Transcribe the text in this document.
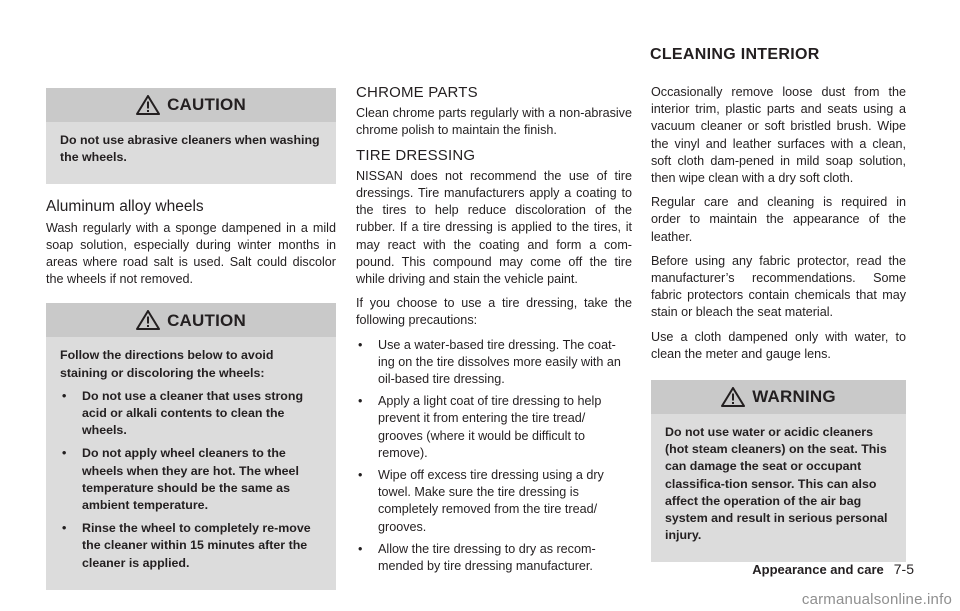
CLEANING INTERIOR
CAUTION

Do not use abrasive cleaners when washing the wheels.

Aluminum alloy wheels

Wash regularly with a sponge dampened in a mild soap solution, especially during winter months in areas where road salt is used. Salt could discolor the wheels if not removed.

CAUTION

Follow the directions below to avoid staining or discoloring the wheels:

• Do not use a cleaner that uses strong acid or alkali contents to clean the wheels.
• Do not apply wheel cleaners to the wheels when they are hot. The wheel temperature should be the same as ambient temperature.
• Rinse the wheel to completely re-move the cleaner within 15 minutes after the cleaner is applied.
CHROME PARTS

Clean chrome parts regularly with a non-abrasive chrome polish to maintain the finish.

TIRE DRESSING

NISSAN does not recommend the use of tire dressings. Tire manufacturers apply a coating to the tires to help reduce discoloration of the rubber. If a tire dressing is applied to the tires, it may react with the coating and form a com-pound. This compound may come off the tire while driving and stain the vehicle paint.

If you choose to use a tire dressing, take the following precautions:

• Use a water-based tire dressing. The coat-ing on the tire dissolves more easily with an oil-based tire dressing.
• Apply a light coat of tire dressing to help prevent it from entering the tire tread/ grooves (where it would be difficult to remove).
• Wipe off excess tire dressing using a dry towel. Make sure the tire dressing is completely removed from the tire tread/ grooves.
• Allow the tire dressing to dry as recom-mended by tire dressing manufacturer.

Occasionally remove loose dust from the interior trim, plastic parts and seats using a vacuum cleaner or soft bristled brush. Wipe the vinyl and leather surfaces with a clean, soft cloth dam-pened in mild soap solution, then wipe clean with a dry soft cloth.

Regular care and cleaning is required in order to maintain the appearance of the leather.

Before using any fabric protector, read the manufacturer’s recommendations. Some fabric protectors contain chemicals that may stain or bleach the seat material.

Use a cloth dampened only with water, to clean the meter and gauge lens.

WARNING

Do not use water or acidic cleaners (hot steam cleaners) on the seat. This can damage the seat or occupant classifica-tion sensor. This can also affect the operation of the air bag system and result in serious personal injury.

Appearance and care 7-5
carmanualsonline.info
